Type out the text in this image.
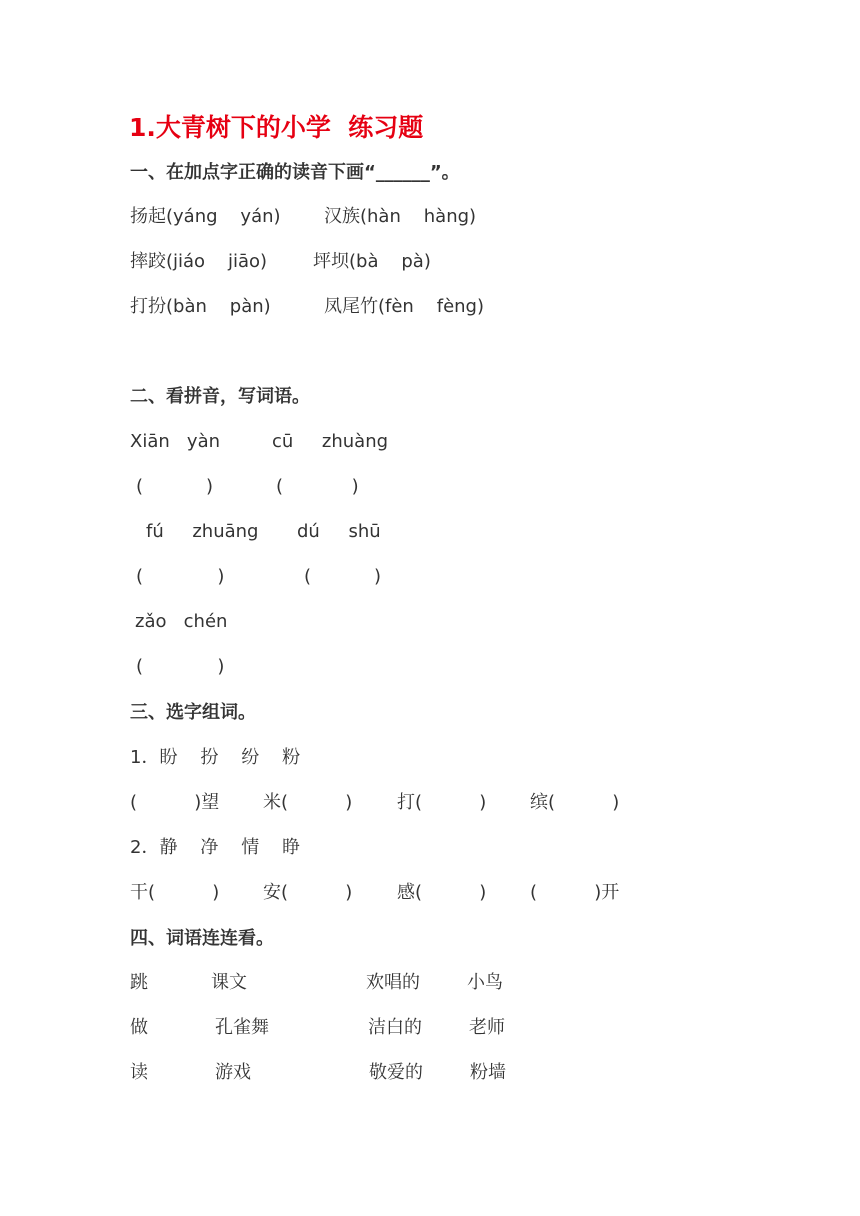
1.大青树下的小学  练习题
一、在加点字正确的读音下画“______”。
扬起(yáng    yán) 汉族(hàn    hàng)
摔跤(jiáo    jiāo)	坪坝(bà    pà)
打扮(bàn    pàn)	凤尾竹(fèn    fèng)
二、看拼音，写词语。
Xiān   yàn	cū     zhuàng
(           )	(            )
fú     zhuāng dú     shū
(             )	(           )
zǎo   chén
(             )
三、选字组词。
1．盼    扮    纷    粉
(          )望 米(          ) 打(          ) 缤(          )
2．静    净    情    睁
干(          ) 安(          ) 感(          ) (          )开
四、词语连连看。
跳	课文	欢唱的	小鸟
做	孔雀舞	洁白的	老师
读	游戏	敬爱的	粉墙
